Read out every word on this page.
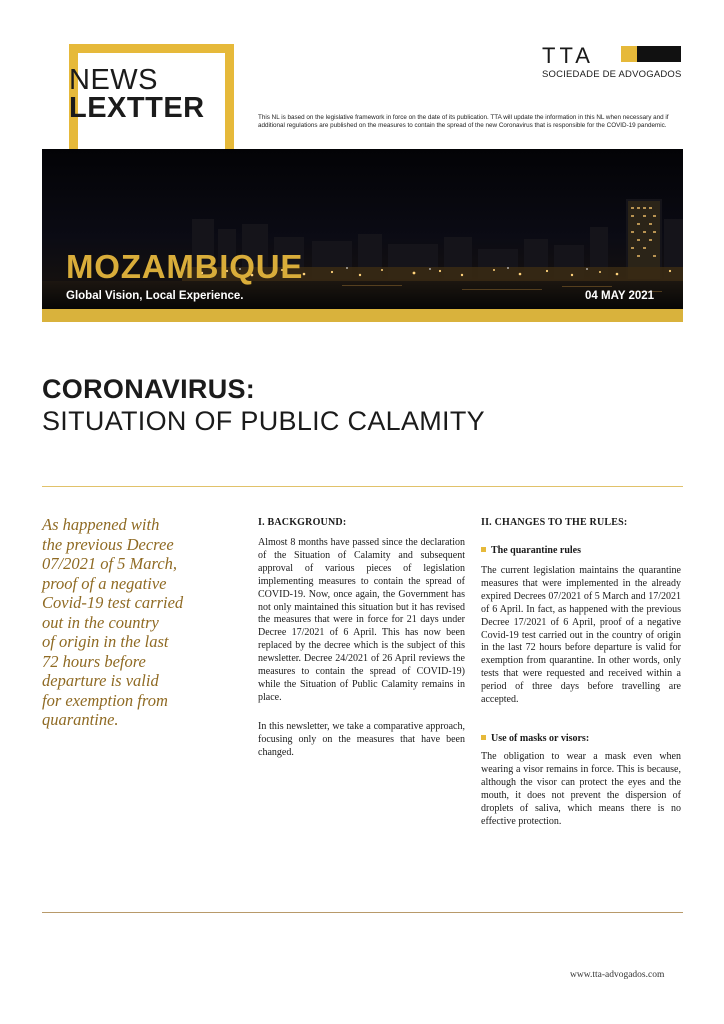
NEWS
LEXTTER
TTA
SOCIEDADE DE ADVOGADOS
This NL is based on the legislative framework in force on the date of its publication. TTA will update the information in this NL when necessary and if additional regulations are published on the measures to contain the spread of the new Coronavirus that is responsible for the COVID-19 pandemic.
MOZAMBIQUE
Global Vision, Local Experience.	04 MAY 2021
CORONAVIRUS:
SITUATION OF PUBLIC CALAMITY
As happened with
the previous Decree
07/2021 of 5 March,
proof of a negative
Covid-19 test carried
out in the country
of origin in the last
72 hours before
departure is valid
for exemption from
quarantine.
I. BACKGROUND:
Almost 8 months have passed since the declaration of the Situation of Calamity and subsequent approval of various pieces of legislation implementing measures to contain the spread of COVID-19. Now, once again, the Government has not only maintained this situation but it has revised the measures that were in force for 21 days under Decree 17/2021 of 6 April. This has now been replaced by the decree which is the subject of this newsletter. Decree 24/2021 of 26 April reviews the measures to contain the spread of COVID-19) while the Situation of Public Calamity remains in place.
In this newsletter, we take a comparative approach, focusing only on the measures that have been changed.
II. CHANGES TO THE RULES:
The quarantine rules
The current legislation maintains the quarantine measures that were implemented in the already expired Decrees 07/2021 of 5 March and 17/2021 of 6 April. In fact, as happened with the previous Decree 17/2021 of 6 April, proof of a negative Covid-19 test carried out in the country of origin in the last 72 hours before departure is valid for exemption from quarantine. In other words, only tests that were requested and received within a period of three days before travelling are accepted.
Use of masks or visors:
The obligation to wear a mask even when wearing a visor remains in force. This is because, although the visor can protect the eyes and the mouth, it does not prevent the dispersion of droplets of saliva, which means there is no effective protection.
www.tta-advogados.com
